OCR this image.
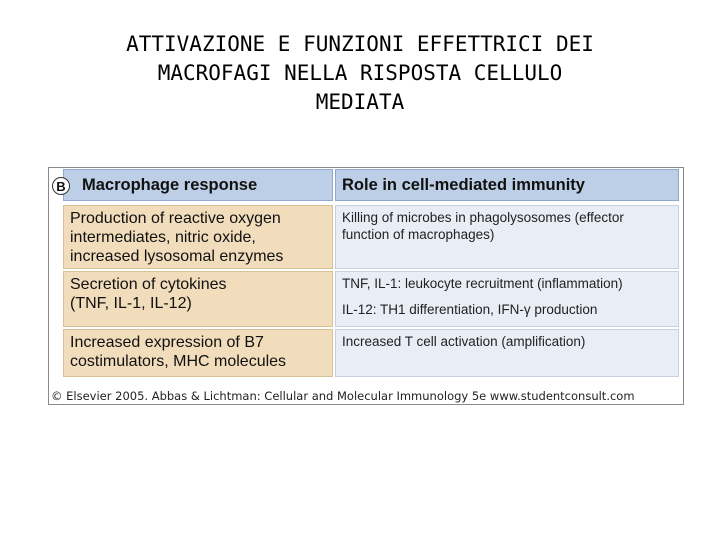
ATTIVAZIONE E FUNZIONI EFFETTRICI DEI
MACROFAGI NELLA RISPOSTA CELLULO
MEDIATA
B Macrophage response	Role in cell-mediated immunity
Production of reactive oxygen
intermediates, nitric oxide,
increased lysosomal enzymes
Killing of microbes in phagolysosomes (effector function of macrophages)
Secretion of cytokines
(TNF, IL-1, IL-12)
TNF, IL-1: leukocyte recruitment (inflammation)
IL-12: TH1 differentiation, IFN-γ production
Increased expression of B7
costimulators, MHC molecules
Increased T cell activation (amplification)
© Elsevier 2005. Abbas & Lichtman: Cellular and Molecular Immunology 5e www.studentconsult.com
